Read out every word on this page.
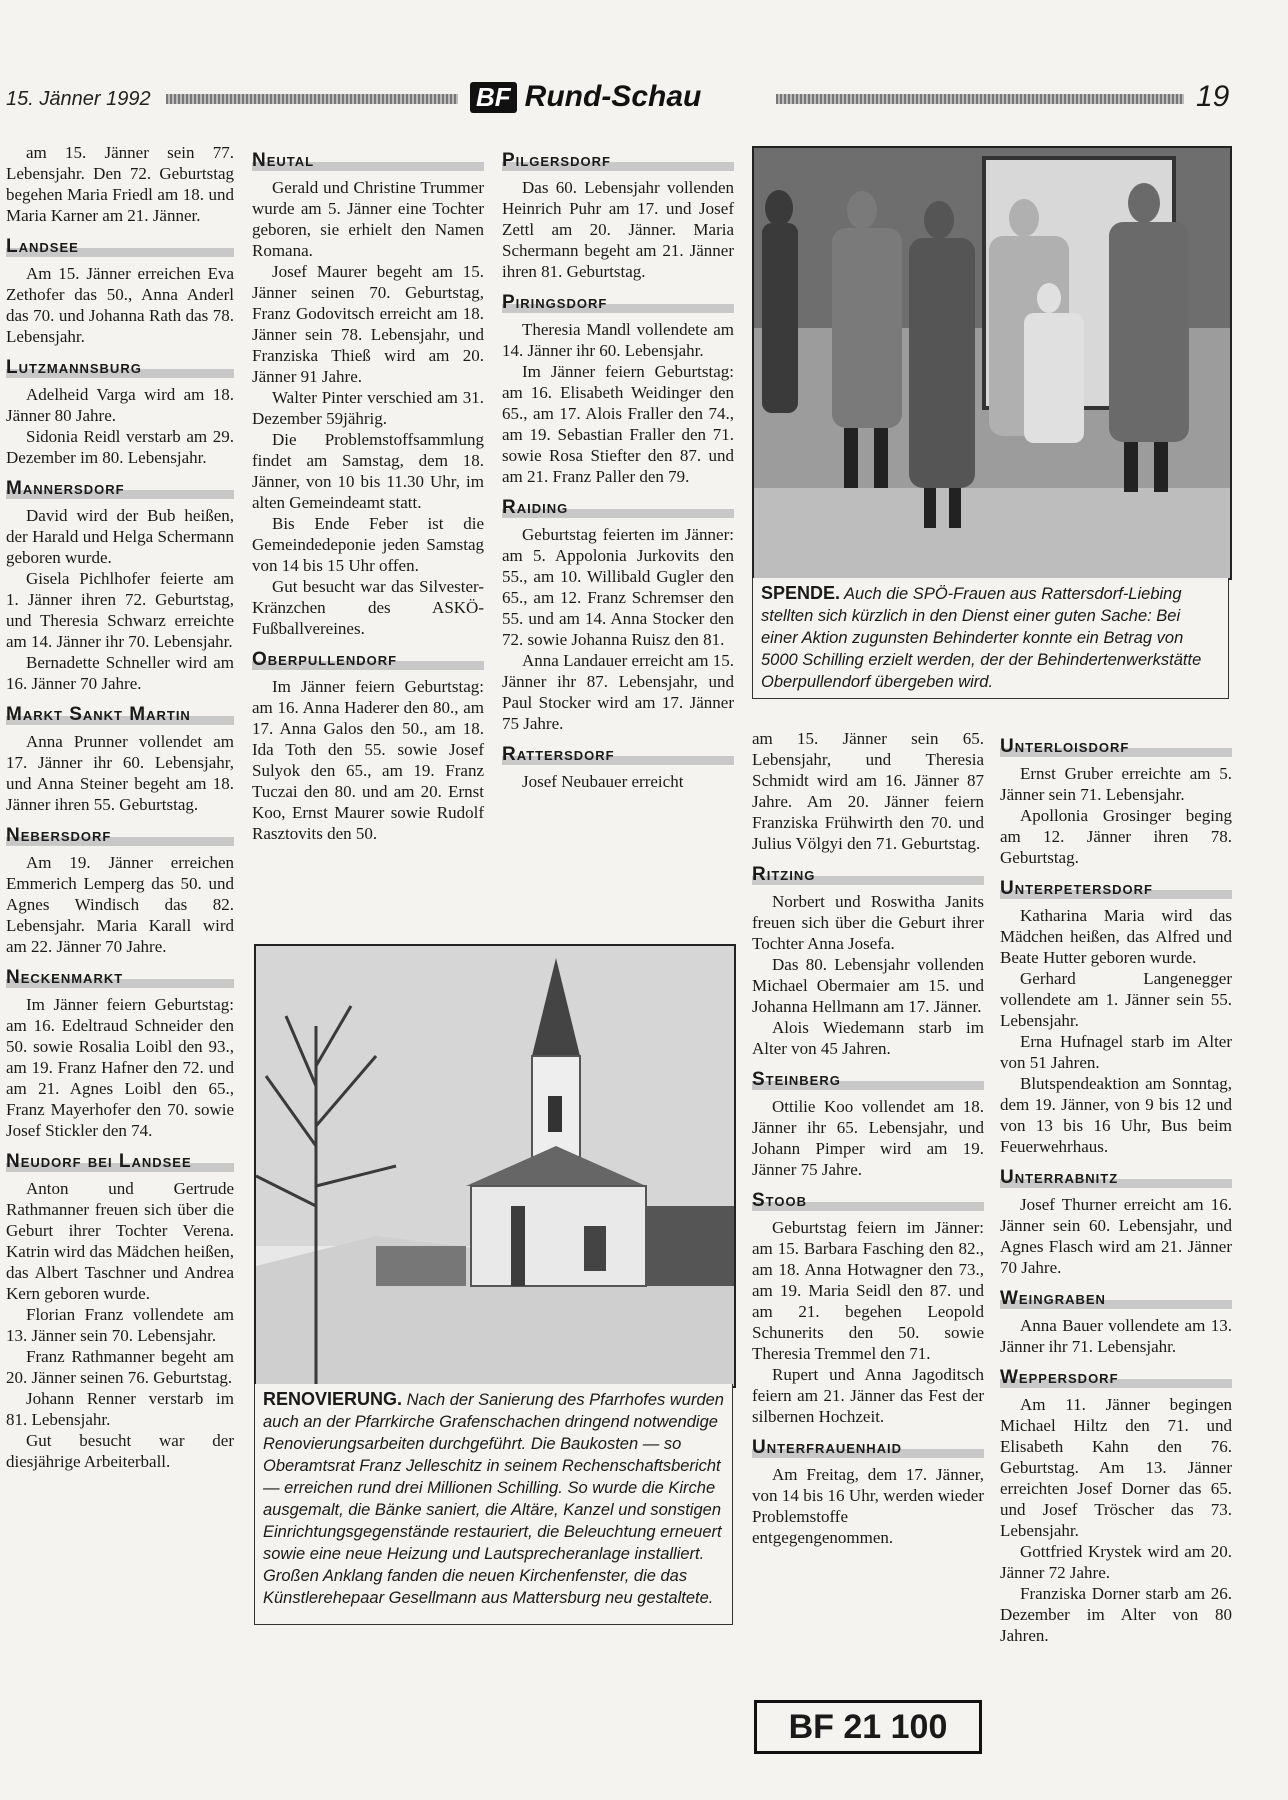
15. Jänner 1992	BF Rund-Schau	19

am 15. Jänner sein 77. Lebensjahr. Den 72. Geburtstag begehen Maria Friedl am 18. und Maria Karner am 21. Jänner.

Landsee

Am 15. Jänner erreichen Eva Zethofer das 50., Anna Anderl das 70. und Johanna Rath das 78. Lebensjahr.

Lutzmannsburg

Adelheid Varga wird am 18. Jänner 80 Jahre.

Sidonia Reidl verstarb am 29. Dezember im 80. Lebensjahr.

Mannersdorf

David wird der Bub heißen, der Harald und Helga Schermann geboren wurde.

Gisela Pichlhofer feierte am 1. Jänner ihren 72. Geburtstag, und Theresia Schwarz erreichte am 14. Jänner ihr 70. Lebensjahr.

Bernadette Schneller wird am 16. Jänner 70 Jahre.

Markt Sankt Martin

Anna Prunner vollendet am 17. Jänner ihr 60. Lebensjahr, und Anna Steiner begeht am 18. Jänner ihren 55. Geburtstag.

Nebersdorf

Am 19. Jänner erreichen Emmerich Lemperg das 50. und Agnes Windisch das 82. Lebensjahr. Maria Karall wird am 22. Jänner 70 Jahre.

Neckenmarkt

Im Jänner feiern Geburtstag: am 16. Edeltraud Schneider den 50. sowie Rosalia Loibl den 93., am 19. Franz Hafner den 72. und am 21. Agnes Loibl den 65., Franz Mayerhofer den 70. sowie Josef Stickler den 74.

Neudorf bei Landsee

Anton und Gertrude Rathmanner freuen sich über die Geburt ihrer Tochter Verena. Katrin wird das Mädchen heißen, das Albert Taschner und Andrea Kern geboren wurde.

Florian Franz vollendete am 13. Jänner sein 70. Lebensjahr.

Franz Rathmanner begeht am 20. Jänner seinen 76. Geburtstag.

Johann Renner verstarb im 81. Lebensjahr.

Gut besucht war der diesjährige Arbeiterball.

Neutal

Gerald und Christine Trummer wurde am 5. Jänner eine Tochter geboren, sie erhielt den Namen Romana.

Josef Maurer begeht am 15. Jänner seinen 70. Geburtstag, Franz Godovitsch erreicht am 18. Jänner sein 78. Lebensjahr, und Franziska Thieß wird am 20. Jänner 91 Jahre.

Walter Pinter verschied am 31. Dezember 59jährig.

Die Problemstoffsammlung findet am Samstag, dem 18. Jänner, von 10 bis 11.30 Uhr, im alten Gemeindeamt statt.

Bis Ende Feber ist die Gemeindedeponie jeden Samstag von 14 bis 15 Uhr offen.

Gut besucht war das Silvester-Kränzchen des ASKÖ-Fußballvereines.

Oberpullendorf

Im Jänner feiern Geburtstag: am 16. Anna Haderer den 80., am 17. Anna Galos den 50., am 18. Ida Toth den 55. sowie Josef Sulyok den 65., am 19. Franz Tuczai den 80. und am 20. Ernst Koo, Ernst Maurer sowie Rudolf Rasztovits den 50.

Pilgersdorf

Das 60. Lebensjahr vollenden Heinrich Puhr am 17. und Josef Zettl am 20. Jänner. Maria Schermann begeht am 21. Jänner ihren 81. Geburtstag.

Piringsdorf

Theresia Mandl vollendete am 14. Jänner ihr 60. Lebensjahr.

Im Jänner feiern Geburtstag: am 16. Elisabeth Weidinger den 65., am 17. Alois Fraller den 74., am 19. Sebastian Fraller den 71. sowie Rosa Stiefter den 87. und am 21. Franz Paller den 79.

Raiding

Geburtstag feierten im Jänner: am 5. Appolonia Jurkovits den 55., am 10. Willibald Gugler den 65., am 12. Franz Schremser den 55. und am 14. Anna Stocker den 72. sowie Johanna Ruisz den 81.

Anna Landauer erreicht am 15. Jänner ihr 87. Lebensjahr, und Paul Stocker wird am 17. Jänner 75 Jahre.

Rattersdorf

Josef Neubauer erreicht

am 15. Jänner sein 65. Lebensjahr, und Theresia Schmidt wird am 16. Jänner 87 Jahre. Am 20. Jänner feiern Franziska Frühwirth den 70. und Julius Völgyi den 71. Geburtstag.

Ritzing

Norbert und Roswitha Janits freuen sich über die Geburt ihrer Tochter Anna Josefa.

Das 80. Lebensjahr vollenden Michael Obermaier am 15. und Johanna Hellmann am 17. Jänner.

Alois Wiedemann starb im Alter von 45 Jahren.

Steinberg

Ottilie Koo vollendet am 18. Jänner ihr 65. Lebensjahr, und Johann Pimper wird am 19. Jänner 75 Jahre.

Stoob

Geburtstag feiern im Jänner: am 15. Barbara Fasching den 82., am 18. Anna Hotwagner den 73., am 19. Maria Seidl den 87. und am 21. begehen Leopold Schunerits den 50. sowie Theresia Tremmel den 71.

Rupert und Anna Jagoditsch feiern am 21. Jänner das Fest der silbernen Hochzeit.

Unterfrauenhaid

Am Freitag, dem 17. Jänner, von 14 bis 16 Uhr, werden wieder Problemstoffe entgegengenommen.

Unterloisdorf

Ernst Gruber erreichte am 5. Jänner sein 71. Lebensjahr.

Apollonia Grosinger beging am 12. Jänner ihren 78. Geburtstag.

Unterpetersdorf

Katharina Maria wird das Mädchen heißen, das Alfred und Beate Hutter geboren wurde.

Gerhard Langenegger vollendete am 1. Jänner sein 55. Lebensjahr.

Erna Hufnagel starb im Alter von 51 Jahren.

Blutspendeaktion am Sonntag, dem 19. Jänner, von 9 bis 12 und von 13 bis 16 Uhr, Bus beim Feuerwehrhaus.

Unterrabnitz

Josef Thurner erreicht am 16. Jänner sein 60. Lebensjahr, und Agnes Flasch wird am 21. Jänner 70 Jahre.

Weingraben

Anna Bauer vollendete am 13. Jänner ihr 71. Lebensjahr.

Weppersdorf

Am 11. Jänner begingen Michael Hiltz den 71. und Elisabeth Kahn den 76. Geburtstag. Am 13. Jänner erreichten Josef Dorner das 65. und Josef Tröscher das 73. Lebensjahr.

Gottfried Krystek wird am 20. Jänner 72 Jahre.

Franziska Dorner starb am 26. Dezember im Alter von 80 Jahren.

SPENDE. Auch die SPÖ-Frauen aus Rattersdorf-Liebing stellten sich kürzlich in den Dienst einer guten Sache: Bei einer Aktion zugunsten Behinderter konnte ein Betrag von 5000 Schilling erzielt werden, der der Behindertenwerkstätte Oberpullendorf übergeben wird.
RENOVIERUNG. Nach der Sanierung des Pfarrhofes wurden auch an der Pfarrkirche Grafenschachen dringend notwendige Renovierungsarbeiten durchgeführt. Die Baukosten — so Oberamtsrat Franz Jelleschitz in seinem Rechenschaftsbericht — erreichen rund drei Millionen Schilling. So wurde die Kirche ausgemalt, die Bänke saniert, die Altäre, Kanzel und sonstigen Einrichtungsgegenstände restauriert, die Beleuchtung erneuert sowie eine neue Heizung und Lautsprecheranlage installiert. Großen Anklang fanden die neuen Kirchenfenster, die das Künstlerehepaar Gesellmann aus Mattersburg neu gestaltete.
BF 21 100
